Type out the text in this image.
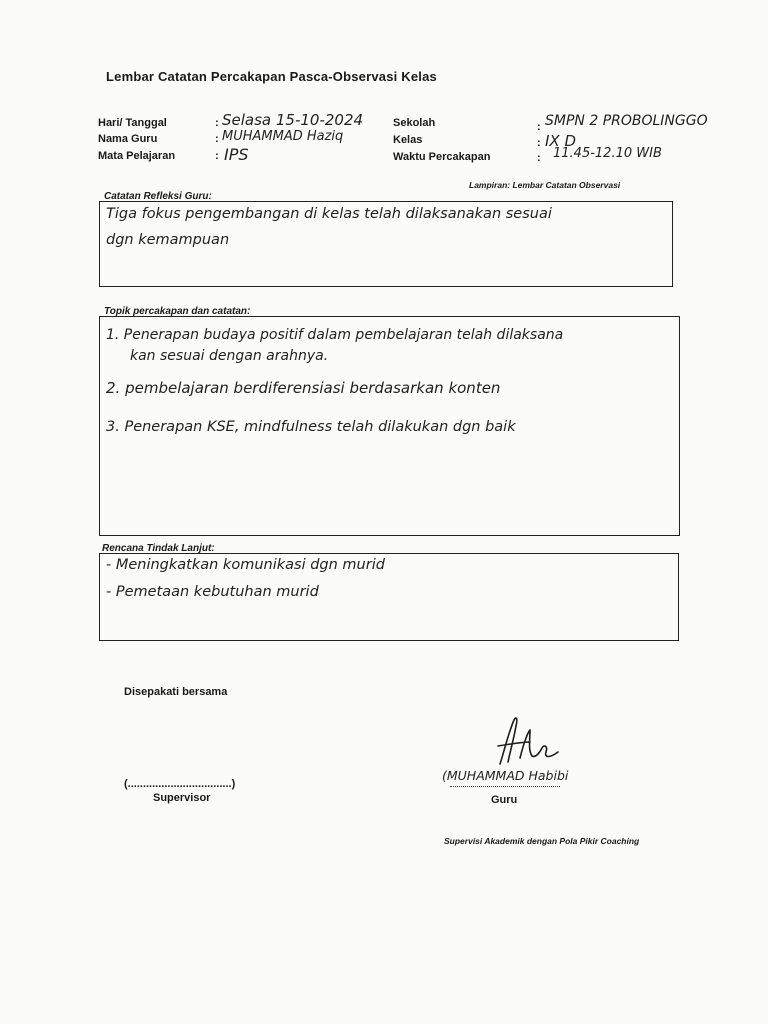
Lembar Catatan Percakapan Pasca-Observasi Kelas
Hari/ Tanggal	: Selasa 15-10-2024
Nama Guru	: MUHAMMAD Haziq
Mata Pelajaran	: IPS
Sekolah	: SMPN 2 PROBOLINGGO
Kelas	: IX D
Waktu Percakapan	: 11.45-12.10 WIB
Lampiran: Lembar Catatan Observasi
Catatan Refleksi Guru:
Tiga fokus pengembangan di kelas telah dilaksanakan sesuai
dgn kemampuan
Topik percakapan dan catatan:
1. Penerapan budaya positif dalam pembelajaran telah dilaksana
kan sesuai dengan arahnya.
2. pembelajaran berdiferensiasi berdasarkan konten
3. Penerapan KSE, mindfulness telah dilakukan dgn baik
Rencana Tindak Lanjut:
- Meningkatkan komunikasi dgn murid
- Pemetaan kebutuhan murid
Disepakati bersama
(..................................)
Supervisor
(MUHAMMAD Habibi
Guru
Supervisi Akademik dengan Pola Pikir Coaching
